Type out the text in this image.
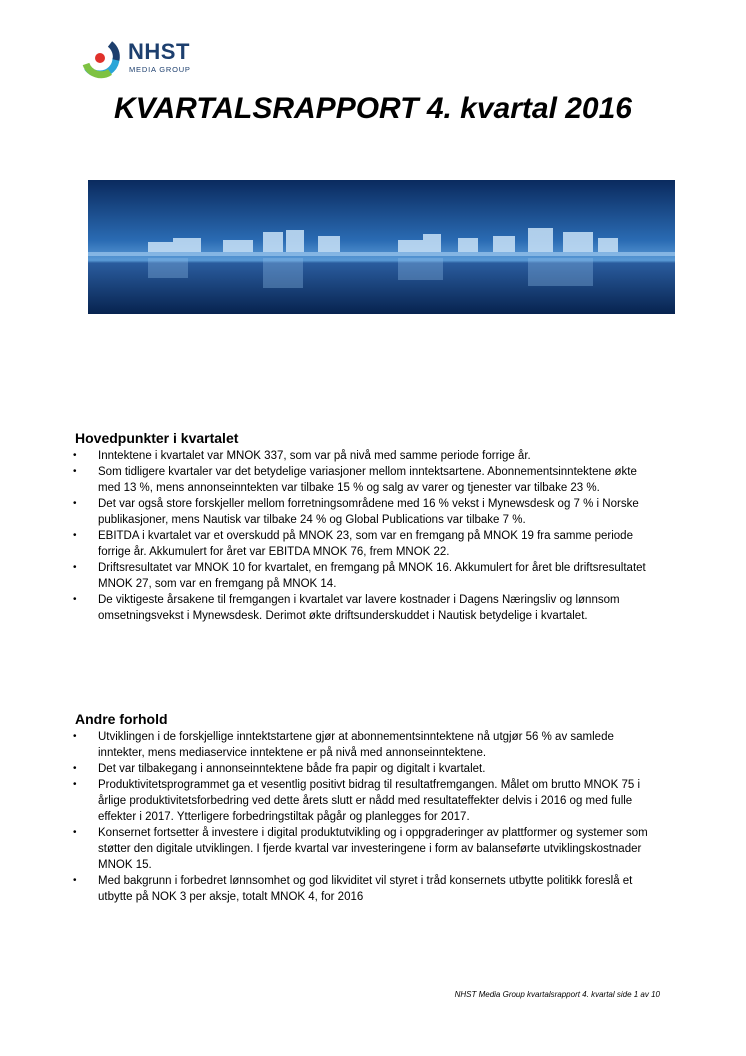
NHST
MEDIA GROUP
KVARTALSRAPPORT 4. kvartal 2016
Hovedpunkter i kvartalet
• Inntektene i kvartalet var MNOK 337, som var på nivå med samme periode forrige år.
• Som tidligere kvartaler var det betydelige variasjoner mellom inntektsartene. Abonnementsinntektene økte med 13 %, mens annonseinntekten var tilbake 15 % og salg av varer og tjenester var tilbake 23 %.
• Det var også store forskjeller mellom forretningsområdene med 16 % vekst i Mynewsdesk og 7 % i Norske publikasjoner, mens Nautisk var tilbake 24 % og Global Publications var tilbake 7 %.
• EBITDA i kvartalet var et overskudd på MNOK 23, som var en fremgang på MNOK 19 fra samme periode forrige år. Akkumulert for året var EBITDA MNOK 76, frem MNOK 22.
• Driftsresultatet var MNOK 10 for kvartalet, en fremgang på MNOK 16. Akkumulert for året ble driftsresultatet MNOK 27, som var en fremgang på MNOK 14.
• De viktigeste årsakene til fremgangen i kvartalet var lavere kostnader i Dagens Næringsliv og lønnsom omsetningsvekst i Mynewsdesk. Derimot økte driftsunderskuddet i Nautisk betydelige i kvartalet.
Andre forhold
• Utviklingen i de forskjellige inntektstartene gjør at abonnementsinntektene nå utgjør 56 % av samlede inntekter, mens mediaservice inntektene er på nivå med annonseinntektene.
• Det var tilbakegang i annonseinntektene både fra papir og digitalt i kvartalet.
• Produktivitetsprogrammet ga et vesentlig positivt bidrag til resultatfremgangen. Målet om brutto MNOK 75 i årlige produktivitetsforbedring ved dette årets slutt er nådd med resultateffekter delvis i 2016 og med fulle effekter i 2017. Ytterligere forbedringstiltak pågår og planlegges for 2017.
• Konsernet fortsetter å investere i digital produktutvikling og i oppgraderinger av plattformer og systemer som støtter den digitale utviklingen. I fjerde kvartal var investeringene i form av balanseførte utviklingskostnader MNOK 15.
• Med bakgrunn i forbedret lønnsomhet og god likviditet vil styret i tråd konsernets utbytte politikk foreslå et utbytte på NOK 3 per aksje, totalt MNOK 4, for 2016
NHST Media Group kvartalsrapport 4. kvartal side 1 av 10
